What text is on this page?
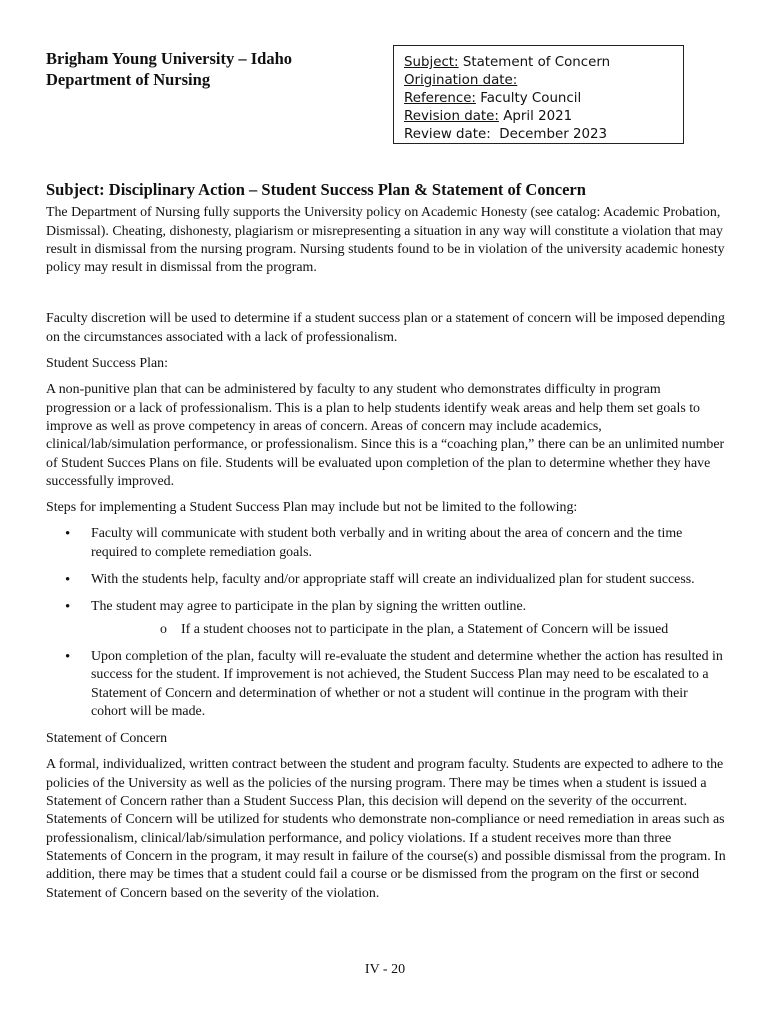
Brigham Young University – Idaho
Department of Nursing
Subject: Statement of Concern
Origination date:
Reference: Faculty Council
Revision date: April 2021
Review date: December 2023
Subject: Disciplinary Action – Student Success Plan & Statement of Concern

The Department of Nursing fully supports the University policy on Academic Honesty (see catalog: Academic Probation, Dismissal). Cheating, dishonesty, plagiarism or misrepresenting a situation in any way will constitute a violation that may result in dismissal from the nursing program. Nursing students found to be in violation of the university academic honesty policy may result in dismissal from the program.

Faculty discretion will be used to determine if a student success plan or a statement of concern will be imposed depending on the circumstances associated with a lack of professionalism.

Student Success Plan:

A non-punitive plan that can be administered by faculty to any student who demonstrates difficulty in program progression or a lack of professionalism. This is a plan to help students identify weak areas and help them set goals to improve as well as prove competency in areas of concern. Areas of concern may include academics, clinical/lab/simulation performance, or professionalism. Since this is a “coaching plan,” there can be an unlimited number of Student Succes Plans on file. Students will be evaluated upon completion of the plan to determine whether they have successfully improved.

Steps for implementing a Student Success Plan may include but not be limited to the following:

• Faculty will communicate with student both verbally and in writing about the area of concern and the time required to complete remediation goals.
• With the students help, faculty and/or appropriate staff will create an individualized plan for student success.
• The student may agree to participate in the plan by signing the written outline.
o If a student chooses not to participate in the plan, a Statement of Concern will be issued
• Upon completion of the plan, faculty will re-evaluate the student and determine whether the action has resulted in success for the student. If improvement is not achieved, the Student Success Plan may need to be escalated to a Statement of Concern and determination of whether or not a student will continue in the program with their cohort will be made.

Statement of Concern

A formal, individualized, written contract between the student and program faculty. Students are expected to adhere to the policies of the University as well as the policies of the nursing program. There may be times when a student is issued a Statement of Concern rather than a Student Success Plan, this decision will depend on the severity of the occurrent. Statements of Concern will be utilized for students who demonstrate non-compliance or need remediation in areas such as professionalism, clinical/lab/simulation performance, and policy violations. If a student receives more than three Statements of Concern in the program, it may result in failure of the course(s) and possible dismissal from the program. In addition, there may be times that a student could fail a course or be dismissed from the program on the first or second Statement of Concern based on the severity of the violation.

IV - 20
